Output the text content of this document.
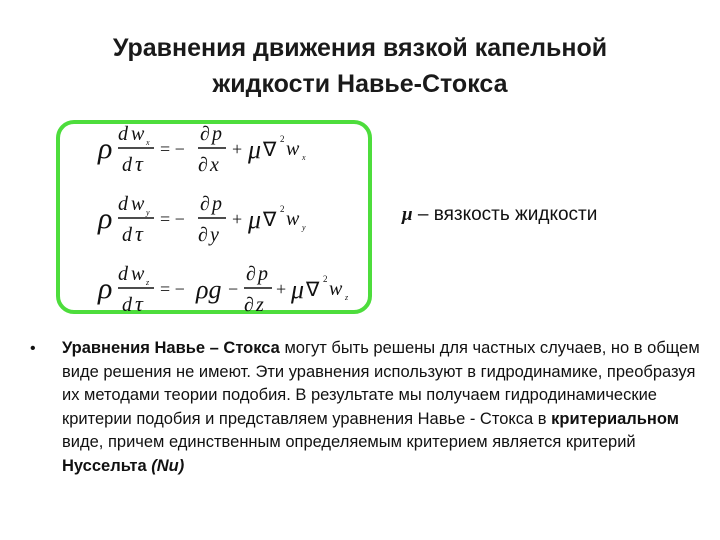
Уравнения движения вязкой капельной
жидкости Навье-Стокса
ρ d w x
d τ
= −
∂ p
∂ x
+ μ ∇ 2 w x
ρ d w y
d τ
= −
∂ p
∂ y
+ μ ∇ 2 w y
ρ d w z
d τ
= − ρg −
∂ p
∂ z
+ μ ∇ 2 w z
μ – вязкость жидкости
• Уравнения Навье – Стокса могут быть решены для частных случаев, но в общем виде решения не имеют. Эти уравнения используют в гидродинамике, преобразуя их методами теории подобия. В результате мы получаем гидродинамические критерии подобия и представляем уравнения Навье - Стокса в критериальном виде, причем единственным определяемым критерием является критерий Нуссельта (Nu)
